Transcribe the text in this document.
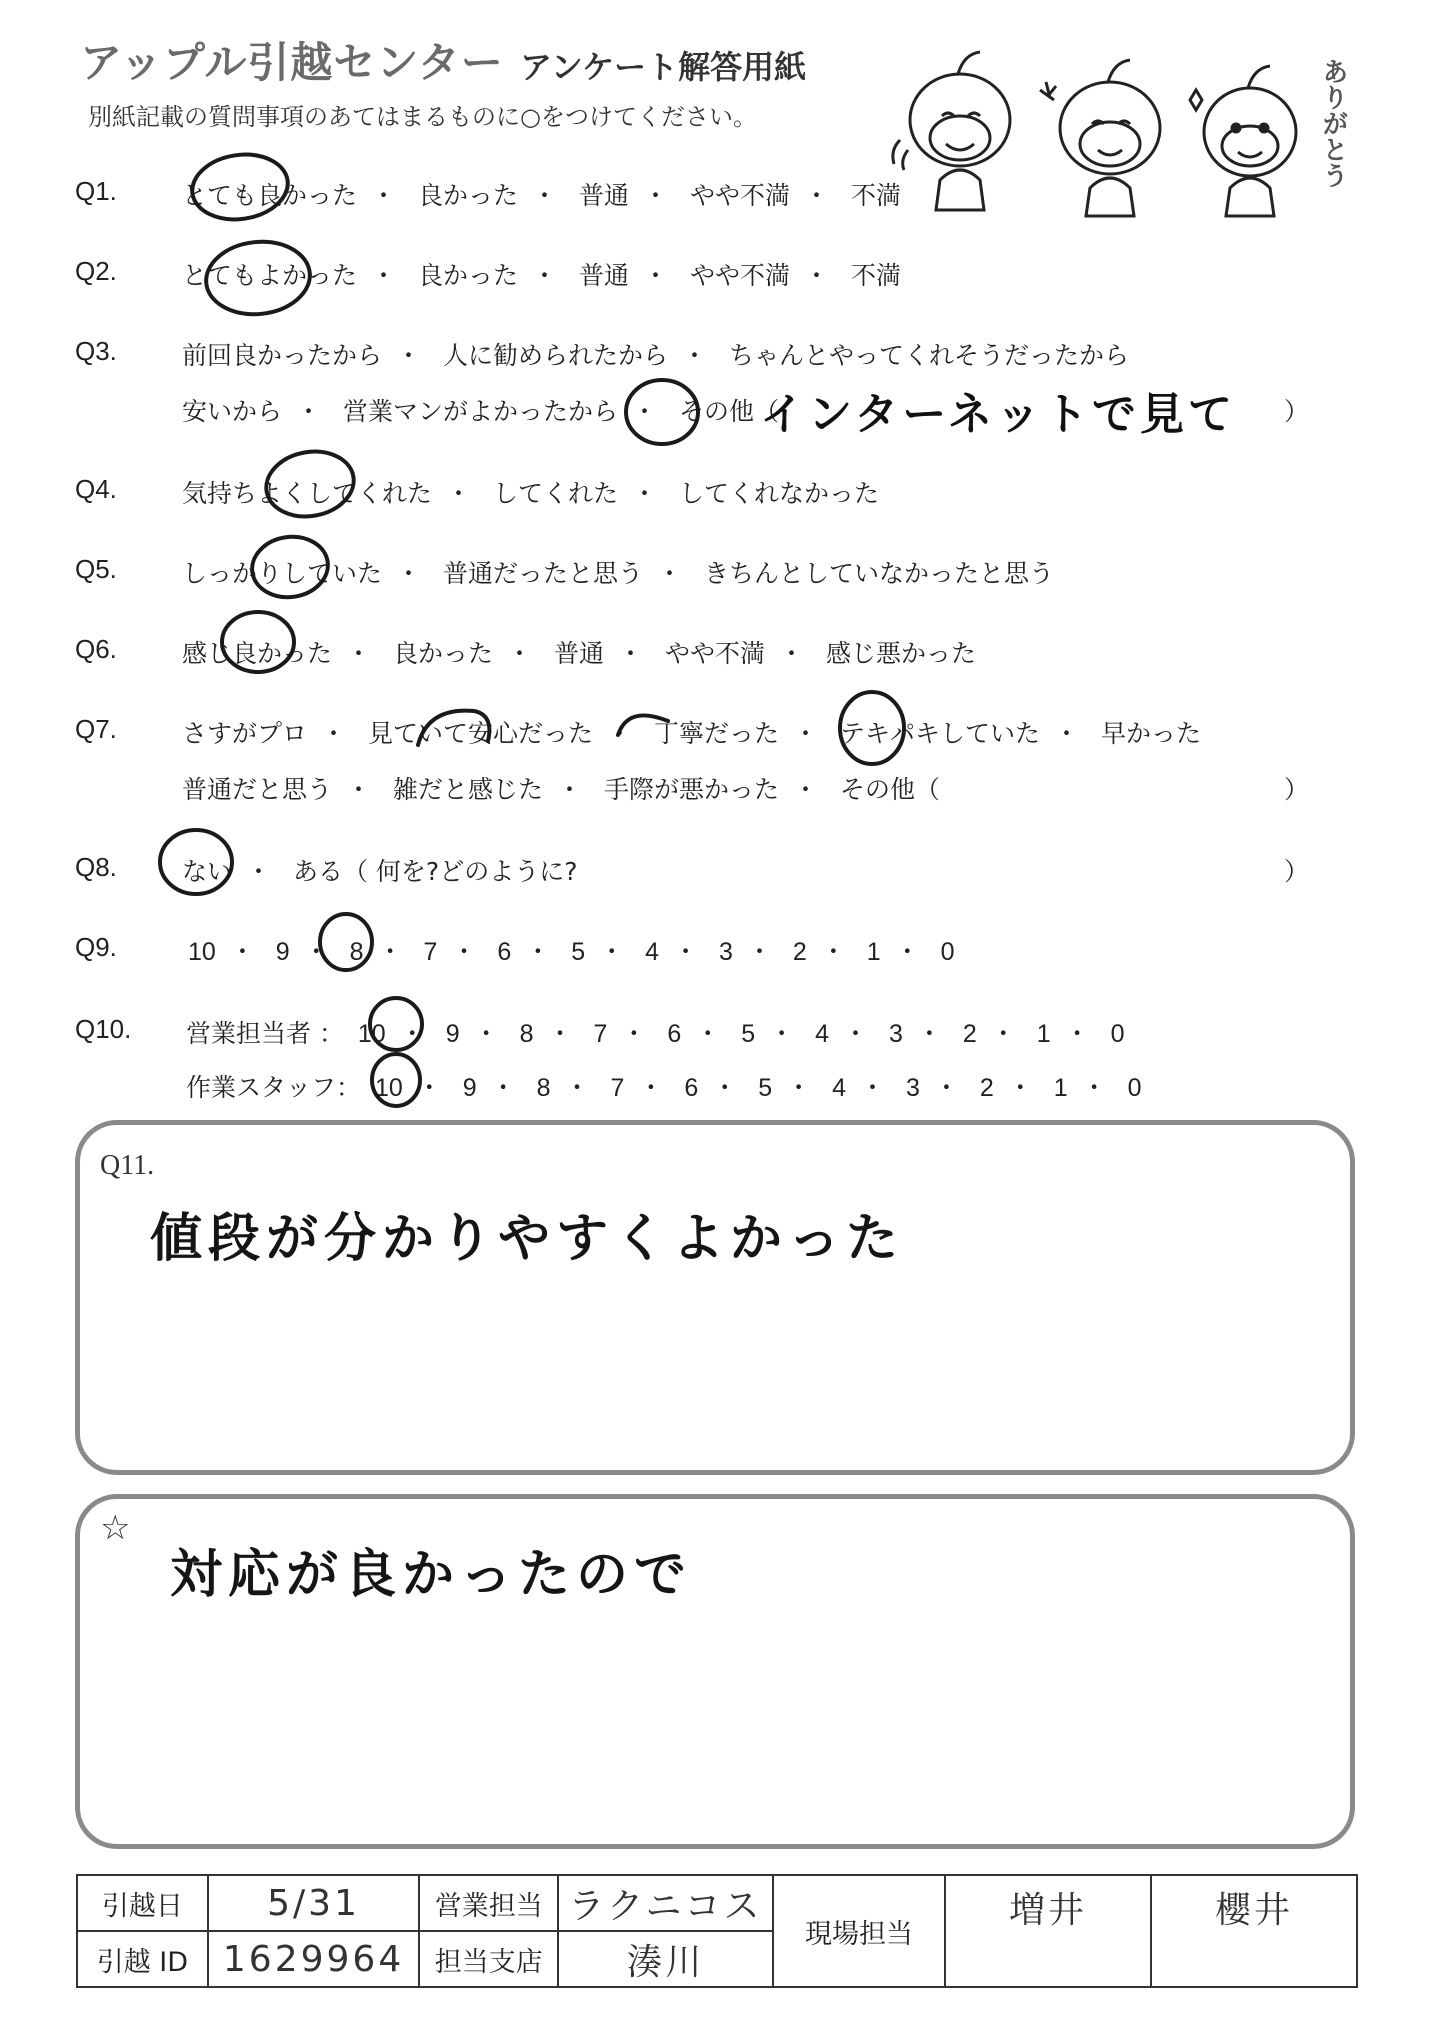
アップル引越センター アンケート解答用紙
別紙記載の質問事項のあてはまるものに○をつけてください。	ありがとう
Q1.	とても良かった ・ 良かった ・ 普通 ・ やや不満 ・ 不満
Q2.	とてもよかった ・ 良かった ・ 普通 ・ やや不満 ・ 不満
Q3.	前回良かったから ・ 人に勧められたから ・ ちゃんとやってくれそうだったから
安いから ・ 営業マンがよかったから ・ その他（
インターネットで見て ）
Q4.	気持ちよくしてくれた ・ してくれた ・ してくれなかった
Q5.	しっかりしていた ・ 普通だったと思う ・ きちんとしていなかったと思う
Q6.	感じ良かった ・ 良かった ・ 普通 ・ やや不満 ・ 感じ悪かった
Q7.	さすがプロ ・ 見ていて安心だった ・ 丁寧だった ・ テキパキしていた ・ 早かった
普通だと思う ・ 雑だと感じた ・ 手際が悪かった ・ その他（	）
Q8.	ない ・ ある（ 何を?どのように?	）
Q9.	10 ・ 9 ・ 8 ・ 7 ・ 6 ・ 5 ・ 4 ・ 3 ・ 2 ・ 1 ・ 0
Q10. 営業担当者 ： 10 ・ 9 ・ 8 ・ 7 ・ 6 ・ 5 ・ 4 ・ 3 ・ 2 ・ 1 ・ 0
作業スタッフ： 10 ・ 9 ・ 8 ・ 7 ・ 6 ・ 5 ・ 4 ・ 3 ・ 2 ・ 1 ・ 0
Q11.
値段が分かりやすくよかった
☆
対応が良かったので
引越日	5/31	営業担当	ラクニコス	現場担当	増井	櫻井
引越 ID	1629964	担当支店	湊川			
